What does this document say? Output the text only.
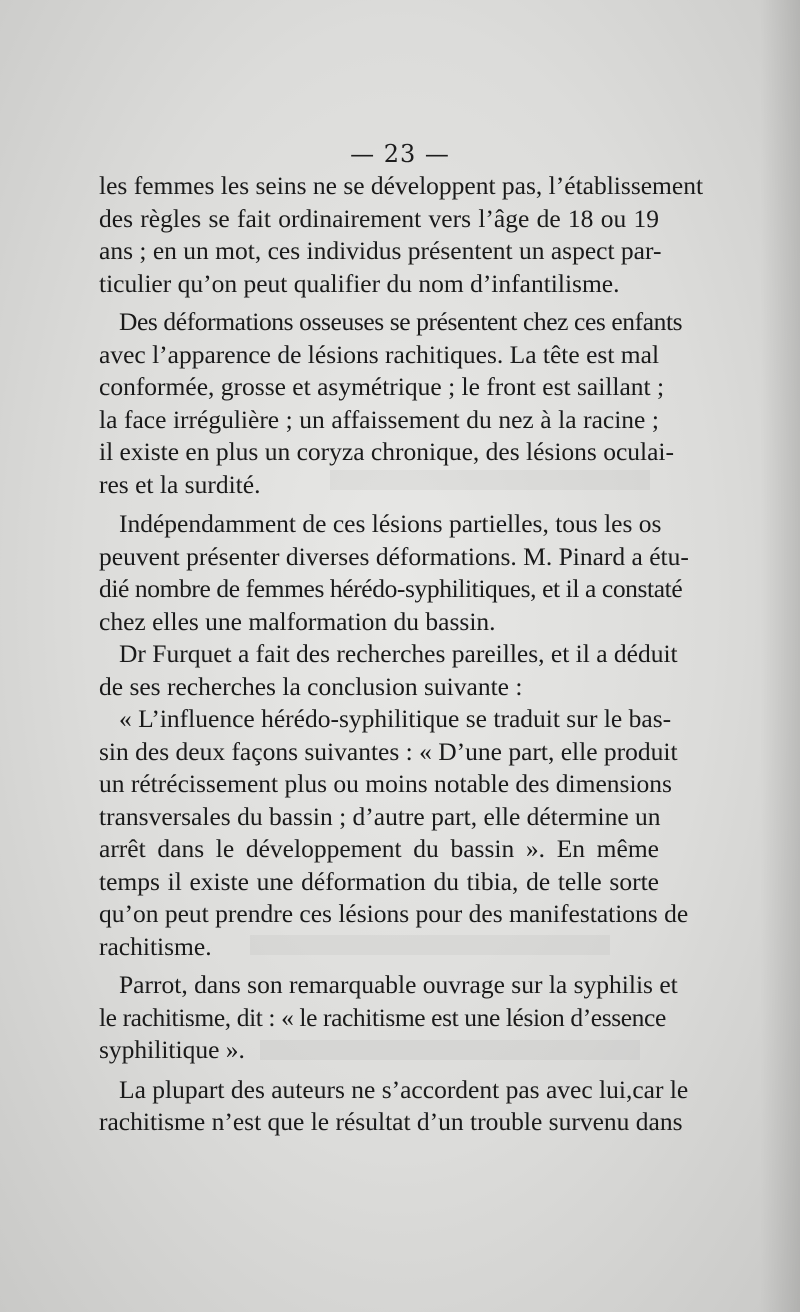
— 23 —
les femmes les seins ne se développent pas, l’établissement
des règles se fait ordinairement vers l’âge de 18 ou 19
ans ; en un mot, ces individus présentent un aspect par-
ticulier qu’on peut qualifier du nom d’infantilisme.
Des déformations osseuses se présentent chez ces enfants
avec l’apparence de lésions rachitiques. La tête est mal
conformée, grosse et asymétrique ; le front est saillant ;
la face irrégulière ; un affaissement du nez à la racine ;
il existe en plus un coryza chronique, des lésions oculai-
res et la surdité.
Indépendamment de ces lésions partielles, tous les os
peuvent présenter diverses déformations. M. Pinard a étu-
dié nombre de femmes hérédo-syphilitiques, et il a constaté
chez elles une malformation du bassin.
Dr Furquet a fait des recherches pareilles, et il a déduit
de ses recherches la conclusion suivante :
« L’influence hérédo-syphilitique se traduit sur le bas-
sin des deux façons suivantes : « D’une part, elle produit
un rétrécissement plus ou moins notable des dimensions
transversales du bassin ; d’autre part, elle détermine un
arrêt dans le développement du bassin ». En même
temps il existe une déformation du tibia, de telle sorte
qu’on peut prendre ces lésions pour des manifestations de
rachitisme.
Parrot, dans son remarquable ouvrage sur la syphilis et
le rachitisme, dit : « le rachitisme est une lésion d’essence
syphilitique ».
La plupart des auteurs ne s’accordent pas avec lui,car le
rachitisme n’est que le résultat d’un trouble survenu dans
